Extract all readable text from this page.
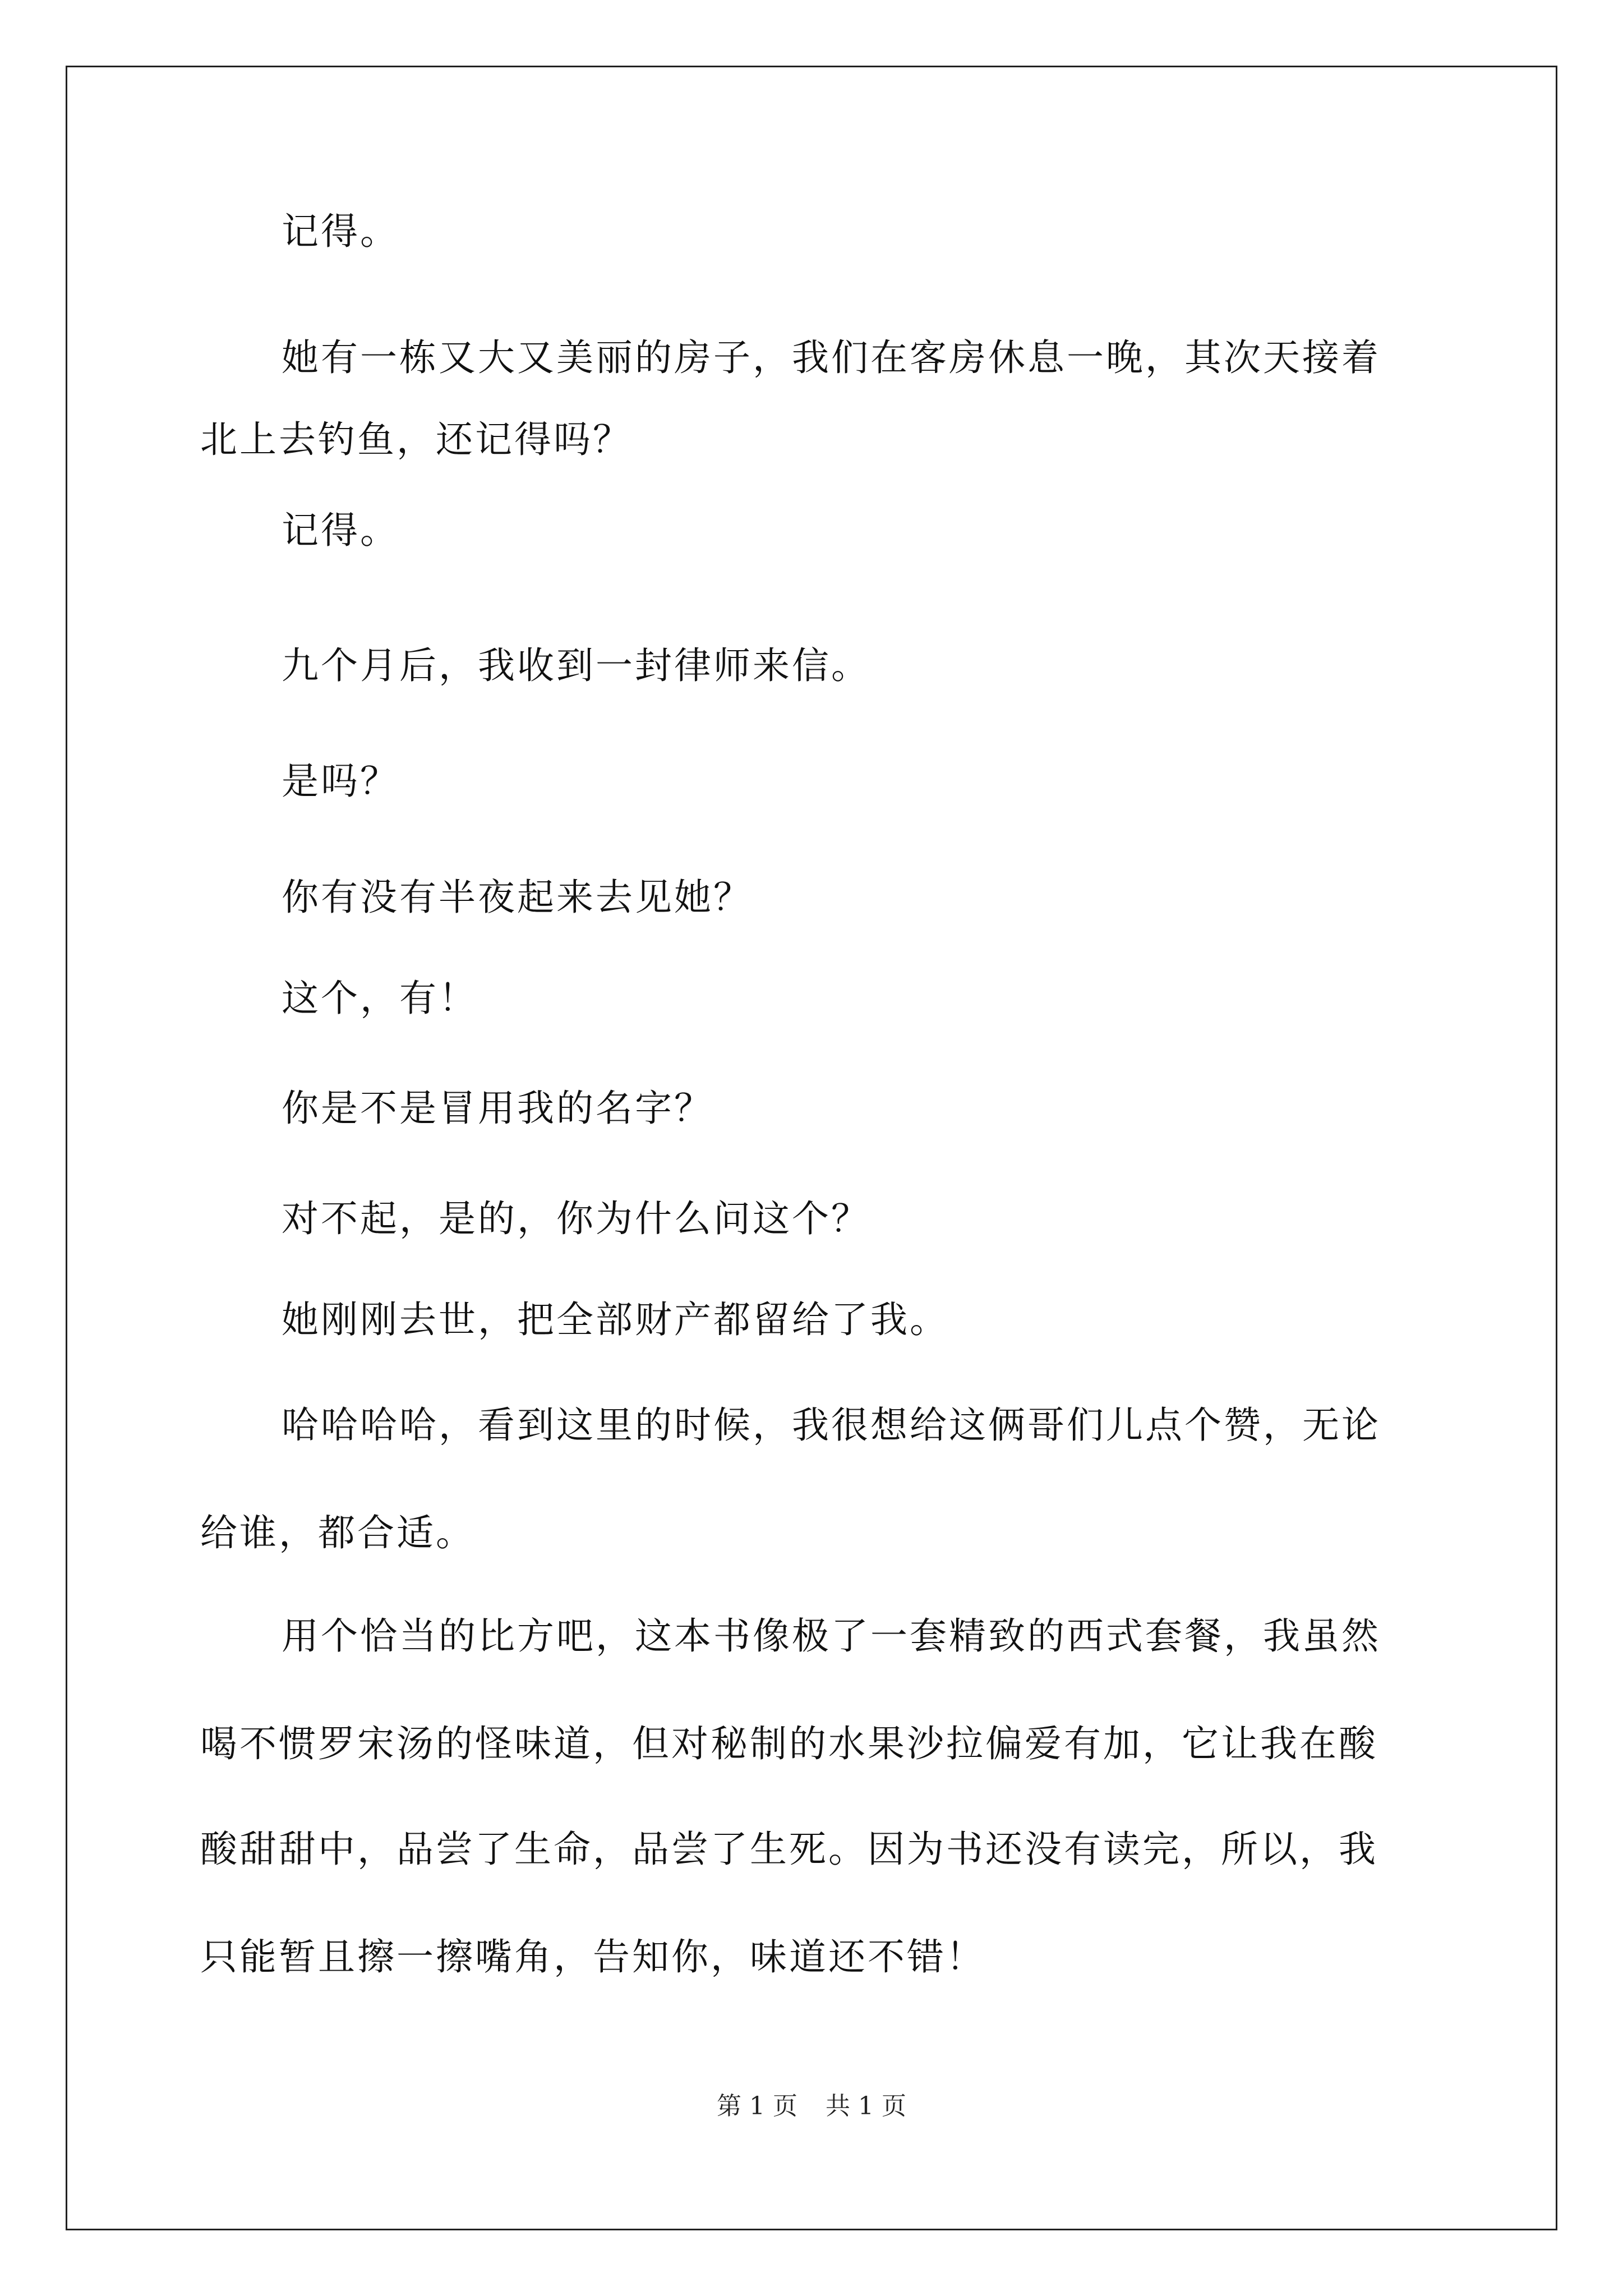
记得。
她有一栋又大又美丽的房子，我们在客房休息一晚，其次天接着
北上去钓鱼，还记得吗？
记得。
九个月后，我收到一封律师来信。
是吗？
你有没有半夜起来去见她？
这个，有！
你是不是冒用我的名字？
对不起，是的，你为什么问这个？
她刚刚去世，把全部财产都留给了我。
哈哈哈哈，看到这里的时候，我很想给这俩哥们儿点个赞，无论
给谁，都合适。
用个恰当的比方吧，这本书像极了一套精致的西式套餐，我虽然
喝不惯罗宋汤的怪味道，但对秘制的水果沙拉偏爱有加，它让我在酸
酸甜甜中，品尝了生命，品尝了生死。因为书还没有读完，所以，我
只能暂且擦一擦嘴角，告知你，味道还不错！
第 1 页 共 1 页
